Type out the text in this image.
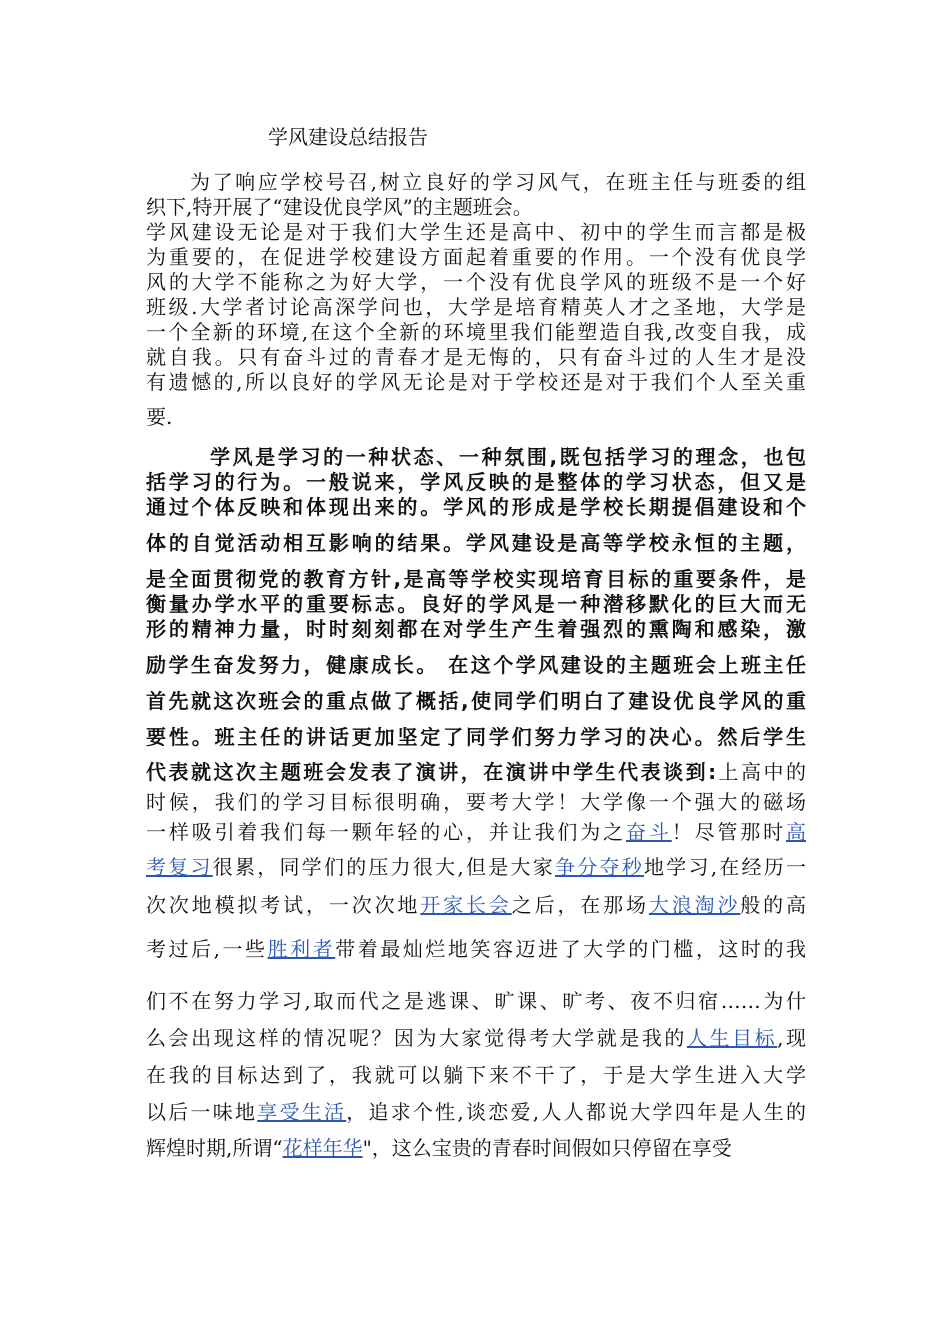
学风建设总结报告
为了响应学校号召,树立良好的学习风气，在班主任与班委的组
织下,特开展了“建设优良学风”的主题班会。
学风建设无论是对于我们大学生还是高中、初中的学生而言都是极
为重要的，在促进学校建设方面起着重要的作用。一个没有优良学
风的大学不能称之为好大学，一个没有优良学风的班级不是一个好
班级.大学者讨论高深学问也，大学是培育精英人才之圣地，大学是
一个全新的环境,在这个全新的环境里我们能塑造自我,改变自我，成
就自我。只有奋斗过的青春才是无悔的，只有奋斗过的人生才是没
有遗憾的,所以良好的学风无论是对于学校还是对于我们个人至关重
要.
学风是学习的一种状态、一种氛围,既包括学习的理念，也包
括学习的行为。一般说来，学风反映的是整体的学习状态，但又是
通过个体反映和体现出来的。学风的形成是学校长期提倡建设和个
体的自觉活动相互影响的结果。学风建设是高等学校永恒的主题，
是全面贯彻党的教育方针,是高等学校实现培育目标的重要条件，是
衡量办学水平的重要标志。良好的学风是一种潜移默化的巨大而无
形的精神力量，时时刻刻都在对学生产生着强烈的熏陶和感染，激
励学生奋发努力，健康成长。 在这个学风建设的主题班会上班主任
首先就这次班会的重点做了概括,使同学们明白了建设优良学风的重
要性。班主任的讲话更加坚定了同学们努力学习的决心。然后学生
代表就这次主题班会发表了演讲，在演讲中学生代表谈到:上高中的
时候，我们的学习目标很明确，要考大学！大学像一个强大的磁场
一样吸引着我们每一颗年轻的心，并让我们为之奋斗！尽管那时高
考复习很累，同学们的压力很大,但是大家争分夺秒地学习,在经历一
次次地模拟考试，一次次地开家长会之后，在那场大浪淘沙般的高
考过后,一些胜利者带着最灿烂地笑容迈进了大学的门槛，这时的我
们不在努力学习,取而代之是逃课、旷课、旷考、夜不归宿……为什
么会出现这样的情况呢？因为大家觉得考大学就是我的人生目标,现
在我的目标达到了，我就可以躺下来不干了，于是大学生进入大学
以后一味地享受生活，追求个性,谈恋爱,人人都说大学四年是人生的
辉煌时期,所谓“花样年华"，这么宝贵的青春时间假如只停留在享受
